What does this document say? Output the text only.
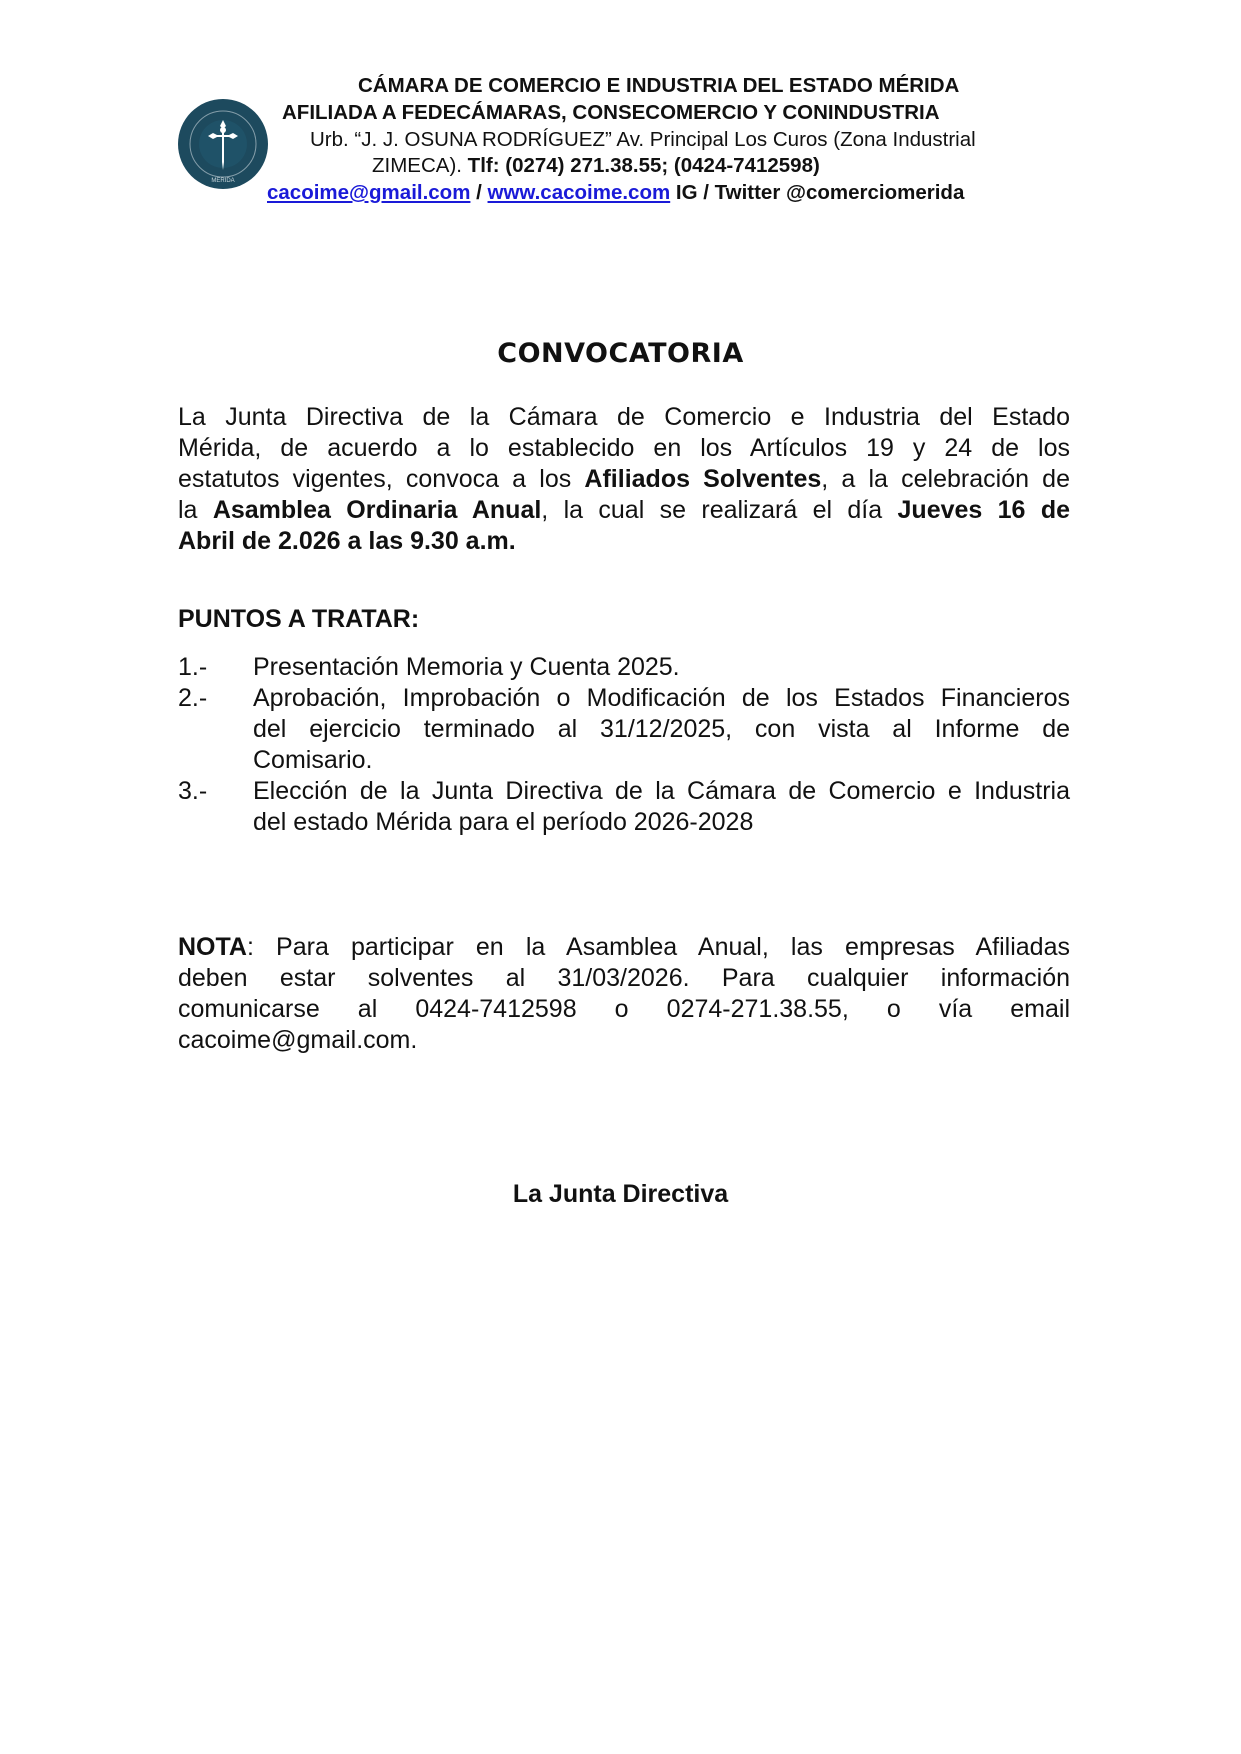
MERIDA
CÁMARA DE COMERCIO E INDUSTRIA DEL ESTADO MÉRIDA
AFILIADA A FEDECÁMARAS, CONSECOMERCIO Y CONINDUSTRIA
Urb. “J. J. OSUNA RODRÍGUEZ” Av. Principal Los Curos (Zona Industrial
ZIMECA). Tlf: (0274) 271.38.55; (0424-7412598)
cacoime@gmail.com / www.cacoime.com IG / Twitter @comerciomerida
CONVOCATORIA
La Junta Directiva de la Cámara de Comercio e Industria del Estado
Mérida, de acuerdo a lo establecido en los Artículos 19 y 24 de los
estatutos vigentes, convoca a los Afiliados Solventes, a la celebración de
la Asamblea Ordinaria Anual, la cual se realizará el día Jueves 16 de
Abril de 2.026 a las 9.30 a.m.
PUNTOS A TRATAR:
1.- Presentación Memoria y Cuenta 2025.
2.- Aprobación, Improbación o Modificación de los Estados Financieros
del ejercicio terminado al 31/12/2025, con vista al Informe de
Comisario.
3.- Elección de la Junta Directiva de la Cámara de Comercio e Industria
del estado Mérida para el período 2026-2028
NOTA: Para participar en la Asamblea Anual, las empresas Afiliadas
deben estar solventes al 31/03/2026. Para cualquier información
comunicarse al 0424-7412598 o 0274-271.38.55, o vía email
cacoime@gmail.com.
La Junta Directiva
